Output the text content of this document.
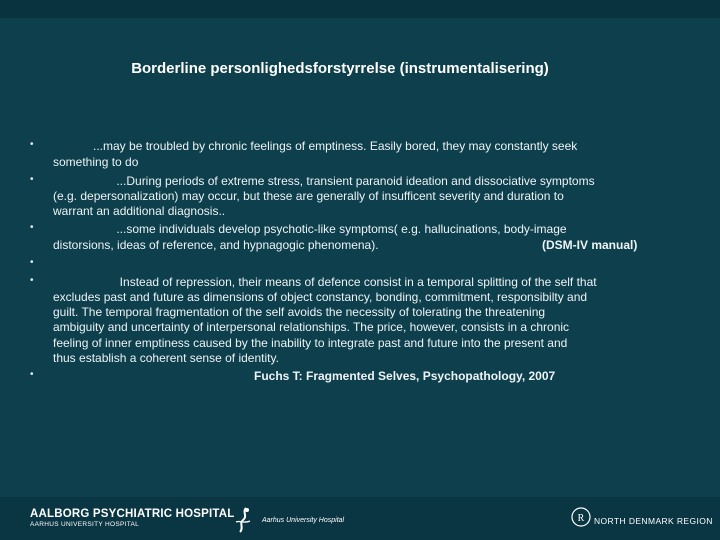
Borderline personlighedsforstyrrelse (instrumentalisering)
•
•
•
•
•
•
...may be troubled by chronic feelings of emptiness. Easily bored, they may constantly seek
something to do
...During periods of extreme stress, transient paranoid ideation and dissociative symptoms
(e.g. depersonalization) may occur, but these are generally of insufficent severity and duration to
warrant an additional diagnosis..
...some individuals develop psychotic-like symptoms( e.g. hallucinations, body-image
distorsions, ideas of reference, and hypnagogic phenomena).	(DSM-IV manual)
Instead of repression, their means of defence consist in a temporal splitting of the self that
excludes past and future as dimensions of object constancy, bonding, commitment, responsibilty and
guilt. The temporal fragmentation of the self avoids the necessity of tolerating the threatening
ambiguity and uncertainty of interpersonal relationships. The price, however, consists in a chronic
feeling of inner emptiness caused by the inability to integrate past and future into the present and
thus establish a coherent sense of identity.
Fuchs T: Fragmented Selves, Psychopathology, 2007
AALBORG PSYCHIATRIC HOSPITAL
AARHUS UNIVERSITY HOSPITAL
Aarhus University Hospital	R NORTH DENMARK REGION
